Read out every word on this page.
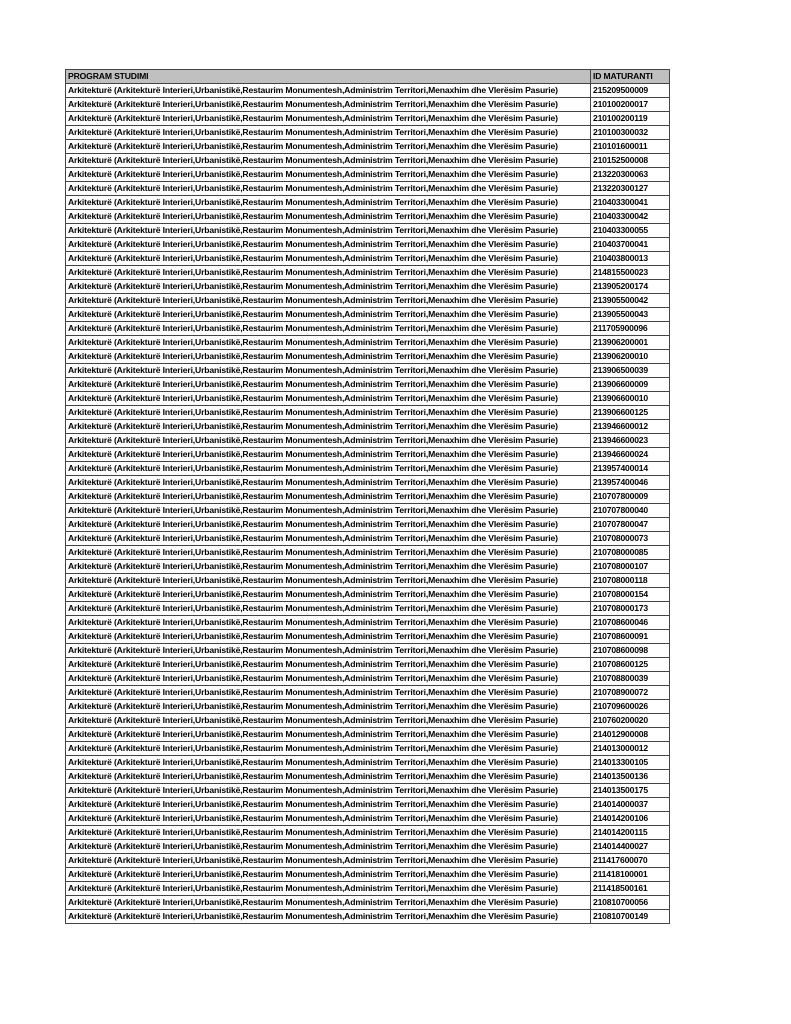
PROGRAM STUDIMI	ID MATURANTI
Arkitekturë (Arkitekturë Interieri,Urbanistikë,Restaurim Monumentesh,Administrim Territori,Menaxhim dhe Vlerësim Pasurie)	215209500009
Arkitekturë (Arkitekturë Interieri,Urbanistikë,Restaurim Monumentesh,Administrim Territori,Menaxhim dhe Vlerësim Pasurie)	210100200017
Arkitekturë (Arkitekturë Interieri,Urbanistikë,Restaurim Monumentesh,Administrim Territori,Menaxhim dhe Vlerësim Pasurie)	210100200119
Arkitekturë (Arkitekturë Interieri,Urbanistikë,Restaurim Monumentesh,Administrim Territori,Menaxhim dhe Vlerësim Pasurie)	210100300032
Arkitekturë (Arkitekturë Interieri,Urbanistikë,Restaurim Monumentesh,Administrim Territori,Menaxhim dhe Vlerësim Pasurie)	210101600011
Arkitekturë (Arkitekturë Interieri,Urbanistikë,Restaurim Monumentesh,Administrim Territori,Menaxhim dhe Vlerësim Pasurie)	210152500008
Arkitekturë (Arkitekturë Interieri,Urbanistikë,Restaurim Monumentesh,Administrim Territori,Menaxhim dhe Vlerësim Pasurie)	213220300063
Arkitekturë (Arkitekturë Interieri,Urbanistikë,Restaurim Monumentesh,Administrim Territori,Menaxhim dhe Vlerësim Pasurie)	213220300127
Arkitekturë (Arkitekturë Interieri,Urbanistikë,Restaurim Monumentesh,Administrim Territori,Menaxhim dhe Vlerësim Pasurie)	210403300041
Arkitekturë (Arkitekturë Interieri,Urbanistikë,Restaurim Monumentesh,Administrim Territori,Menaxhim dhe Vlerësim Pasurie)	210403300042
Arkitekturë (Arkitekturë Interieri,Urbanistikë,Restaurim Monumentesh,Administrim Territori,Menaxhim dhe Vlerësim Pasurie)	210403300055
Arkitekturë (Arkitekturë Interieri,Urbanistikë,Restaurim Monumentesh,Administrim Territori,Menaxhim dhe Vlerësim Pasurie)	210403700041
Arkitekturë (Arkitekturë Interieri,Urbanistikë,Restaurim Monumentesh,Administrim Territori,Menaxhim dhe Vlerësim Pasurie)	210403800013
Arkitekturë (Arkitekturë Interieri,Urbanistikë,Restaurim Monumentesh,Administrim Territori,Menaxhim dhe Vlerësim Pasurie)	214815500023
Arkitekturë (Arkitekturë Interieri,Urbanistikë,Restaurim Monumentesh,Administrim Territori,Menaxhim dhe Vlerësim Pasurie)	213905200174
Arkitekturë (Arkitekturë Interieri,Urbanistikë,Restaurim Monumentesh,Administrim Territori,Menaxhim dhe Vlerësim Pasurie)	213905500042
Arkitekturë (Arkitekturë Interieri,Urbanistikë,Restaurim Monumentesh,Administrim Territori,Menaxhim dhe Vlerësim Pasurie)	213905500043
Arkitekturë (Arkitekturë Interieri,Urbanistikë,Restaurim Monumentesh,Administrim Territori,Menaxhim dhe Vlerësim Pasurie)	211705900096
Arkitekturë (Arkitekturë Interieri,Urbanistikë,Restaurim Monumentesh,Administrim Territori,Menaxhim dhe Vlerësim Pasurie)	213906200001
Arkitekturë (Arkitekturë Interieri,Urbanistikë,Restaurim Monumentesh,Administrim Territori,Menaxhim dhe Vlerësim Pasurie)	213906200010
Arkitekturë (Arkitekturë Interieri,Urbanistikë,Restaurim Monumentesh,Administrim Territori,Menaxhim dhe Vlerësim Pasurie)	213906500039
Arkitekturë (Arkitekturë Interieri,Urbanistikë,Restaurim Monumentesh,Administrim Territori,Menaxhim dhe Vlerësim Pasurie)	213906600009
Arkitekturë (Arkitekturë Interieri,Urbanistikë,Restaurim Monumentesh,Administrim Territori,Menaxhim dhe Vlerësim Pasurie)	213906600010
Arkitekturë (Arkitekturë Interieri,Urbanistikë,Restaurim Monumentesh,Administrim Territori,Menaxhim dhe Vlerësim Pasurie)	213906600125
Arkitekturë (Arkitekturë Interieri,Urbanistikë,Restaurim Monumentesh,Administrim Territori,Menaxhim dhe Vlerësim Pasurie)	213946600012
Arkitekturë (Arkitekturë Interieri,Urbanistikë,Restaurim Monumentesh,Administrim Territori,Menaxhim dhe Vlerësim Pasurie)	213946600023
Arkitekturë (Arkitekturë Interieri,Urbanistikë,Restaurim Monumentesh,Administrim Territori,Menaxhim dhe Vlerësim Pasurie)	213946600024
Arkitekturë (Arkitekturë Interieri,Urbanistikë,Restaurim Monumentesh,Administrim Territori,Menaxhim dhe Vlerësim Pasurie)	213957400014
Arkitekturë (Arkitekturë Interieri,Urbanistikë,Restaurim Monumentesh,Administrim Territori,Menaxhim dhe Vlerësim Pasurie)	213957400046
Arkitekturë (Arkitekturë Interieri,Urbanistikë,Restaurim Monumentesh,Administrim Territori,Menaxhim dhe Vlerësim Pasurie)	210707800009
Arkitekturë (Arkitekturë Interieri,Urbanistikë,Restaurim Monumentesh,Administrim Territori,Menaxhim dhe Vlerësim Pasurie)	210707800040
Arkitekturë (Arkitekturë Interieri,Urbanistikë,Restaurim Monumentesh,Administrim Territori,Menaxhim dhe Vlerësim Pasurie)	210707800047
Arkitekturë (Arkitekturë Interieri,Urbanistikë,Restaurim Monumentesh,Administrim Territori,Menaxhim dhe Vlerësim Pasurie)	210708000073
Arkitekturë (Arkitekturë Interieri,Urbanistikë,Restaurim Monumentesh,Administrim Territori,Menaxhim dhe Vlerësim Pasurie)	210708000085
Arkitekturë (Arkitekturë Interieri,Urbanistikë,Restaurim Monumentesh,Administrim Territori,Menaxhim dhe Vlerësim Pasurie)	210708000107
Arkitekturë (Arkitekturë Interieri,Urbanistikë,Restaurim Monumentesh,Administrim Territori,Menaxhim dhe Vlerësim Pasurie)	210708000118
Arkitekturë (Arkitekturë Interieri,Urbanistikë,Restaurim Monumentesh,Administrim Territori,Menaxhim dhe Vlerësim Pasurie)	210708000154
Arkitekturë (Arkitekturë Interieri,Urbanistikë,Restaurim Monumentesh,Administrim Territori,Menaxhim dhe Vlerësim Pasurie)	210708000173
Arkitekturë (Arkitekturë Interieri,Urbanistikë,Restaurim Monumentesh,Administrim Territori,Menaxhim dhe Vlerësim Pasurie)	210708600046
Arkitekturë (Arkitekturë Interieri,Urbanistikë,Restaurim Monumentesh,Administrim Territori,Menaxhim dhe Vlerësim Pasurie)	210708600091
Arkitekturë (Arkitekturë Interieri,Urbanistikë,Restaurim Monumentesh,Administrim Territori,Menaxhim dhe Vlerësim Pasurie)	210708600098
Arkitekturë (Arkitekturë Interieri,Urbanistikë,Restaurim Monumentesh,Administrim Territori,Menaxhim dhe Vlerësim Pasurie)	210708600125
Arkitekturë (Arkitekturë Interieri,Urbanistikë,Restaurim Monumentesh,Administrim Territori,Menaxhim dhe Vlerësim Pasurie)	210708800039
Arkitekturë (Arkitekturë Interieri,Urbanistikë,Restaurim Monumentesh,Administrim Territori,Menaxhim dhe Vlerësim Pasurie)	210708900072
Arkitekturë (Arkitekturë Interieri,Urbanistikë,Restaurim Monumentesh,Administrim Territori,Menaxhim dhe Vlerësim Pasurie)	210709600026
Arkitekturë (Arkitekturë Interieri,Urbanistikë,Restaurim Monumentesh,Administrim Territori,Menaxhim dhe Vlerësim Pasurie)	210760200020
Arkitekturë (Arkitekturë Interieri,Urbanistikë,Restaurim Monumentesh,Administrim Territori,Menaxhim dhe Vlerësim Pasurie)	214012900008
Arkitekturë (Arkitekturë Interieri,Urbanistikë,Restaurim Monumentesh,Administrim Territori,Menaxhim dhe Vlerësim Pasurie)	214013000012
Arkitekturë (Arkitekturë Interieri,Urbanistikë,Restaurim Monumentesh,Administrim Territori,Menaxhim dhe Vlerësim Pasurie)	214013300105
Arkitekturë (Arkitekturë Interieri,Urbanistikë,Restaurim Monumentesh,Administrim Territori,Menaxhim dhe Vlerësim Pasurie)	214013500136
Arkitekturë (Arkitekturë Interieri,Urbanistikë,Restaurim Monumentesh,Administrim Territori,Menaxhim dhe Vlerësim Pasurie)	214013500175
Arkitekturë (Arkitekturë Interieri,Urbanistikë,Restaurim Monumentesh,Administrim Territori,Menaxhim dhe Vlerësim Pasurie)	214014000037
Arkitekturë (Arkitekturë Interieri,Urbanistikë,Restaurim Monumentesh,Administrim Territori,Menaxhim dhe Vlerësim Pasurie)	214014200106
Arkitekturë (Arkitekturë Interieri,Urbanistikë,Restaurim Monumentesh,Administrim Territori,Menaxhim dhe Vlerësim Pasurie)	214014200115
Arkitekturë (Arkitekturë Interieri,Urbanistikë,Restaurim Monumentesh,Administrim Territori,Menaxhim dhe Vlerësim Pasurie)	214014400027
Arkitekturë (Arkitekturë Interieri,Urbanistikë,Restaurim Monumentesh,Administrim Territori,Menaxhim dhe Vlerësim Pasurie)	211417600070
Arkitekturë (Arkitekturë Interieri,Urbanistikë,Restaurim Monumentesh,Administrim Territori,Menaxhim dhe Vlerësim Pasurie)	211418100001
Arkitekturë (Arkitekturë Interieri,Urbanistikë,Restaurim Monumentesh,Administrim Territori,Menaxhim dhe Vlerësim Pasurie)	211418500161
Arkitekturë (Arkitekturë Interieri,Urbanistikë,Restaurim Monumentesh,Administrim Territori,Menaxhim dhe Vlerësim Pasurie)	210810700056
Arkitekturë (Arkitekturë Interieri,Urbanistikë,Restaurim Monumentesh,Administrim Territori,Menaxhim dhe Vlerësim Pasurie)	210810700149
